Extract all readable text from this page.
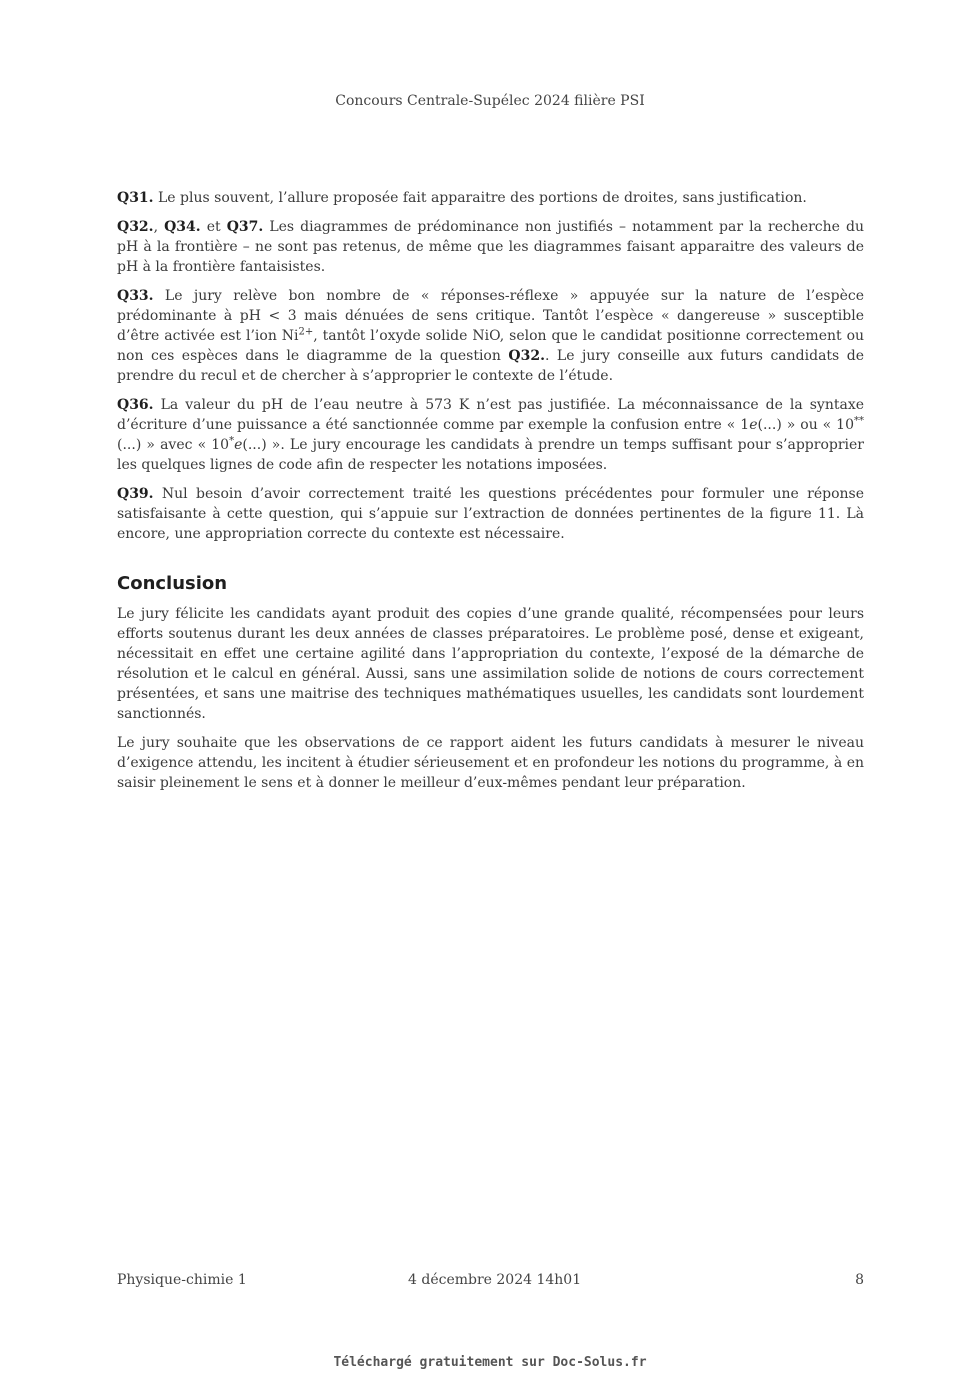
Concours Centrale-Supélec 2024 filière PSI

Q31. Le plus souvent, l’allure proposée fait apparaitre des portions de droites, sans justification.

Q32., Q34. et Q37. Les diagrammes de prédominance non justifiés – notamment par la recherche du pH à la frontière – ne sont pas retenus, de même que les diagrammes faisant apparaitre des valeurs de pH à la frontière fantaisistes.

Q33. Le jury relève bon nombre de « réponses-réflexe » appuyée sur la nature de l’espèce prédominante à pH < 3 mais dénuées de sens critique. Tantôt l’espèce « dangereuse » susceptible d’être activée est l’ion $Ni^{2+}$, tantôt l’oxyde solide NiO, selon que le candidat positionne correctement ou non ces espèces dans le diagramme de la question Q32.. Le jury conseille aux futurs candidats de prendre du recul et de chercher à s’approprier le contexte de l’étude.

Q36. La valeur du pH de l’eau neutre à 573 K n’est pas justifiée. La méconnaissance de la syntaxe d’écriture d’une puissance a été sanctionnée comme par exemple la confusion entre « 1e(...) » ou « 10**(...) » avec « 10*e(...) ». Le jury encourage les candidats à prendre un temps suffisant pour s’approprier les quelques lignes de code afin de respecter les notations imposées.

Q39. Nul besoin d’avoir correctement traité les questions précédentes pour formuler une réponse satisfaisante à cette question, qui s’appuie sur l’extraction de données pertinentes de la figure 11. Là encore, une appropriation correcte du contexte est nécessaire.

Conclusion

Le jury félicite les candidats ayant produit des copies d’une grande qualité, récompensées pour leurs efforts soutenus durant les deux années de classes préparatoires. Le problème posé, dense et exigeant, nécessitait en effet une certaine agilité dans l’appropriation du contexte, l’exposé de la démarche de résolution et le calcul en général. Aussi, sans une assimilation solide de notions de cours correctement présentées, et sans une maitrise des techniques mathématiques usuelles, les candidats sont lourdement sanctionnés.

Le jury souhaite que les observations de ce rapport aident les futurs candidats à mesurer le niveau d’exigence attendu, les incitent à étudier sérieusement et en profondeur les notions du programme, à en saisir pleinement le sens et à donner le meilleur d’eux-mêmes pendant leur préparation.

Physique-chimie 1	4 décembre 2024 14h01	8
Téléchargé gratuitement sur Doc-Solus.fr
